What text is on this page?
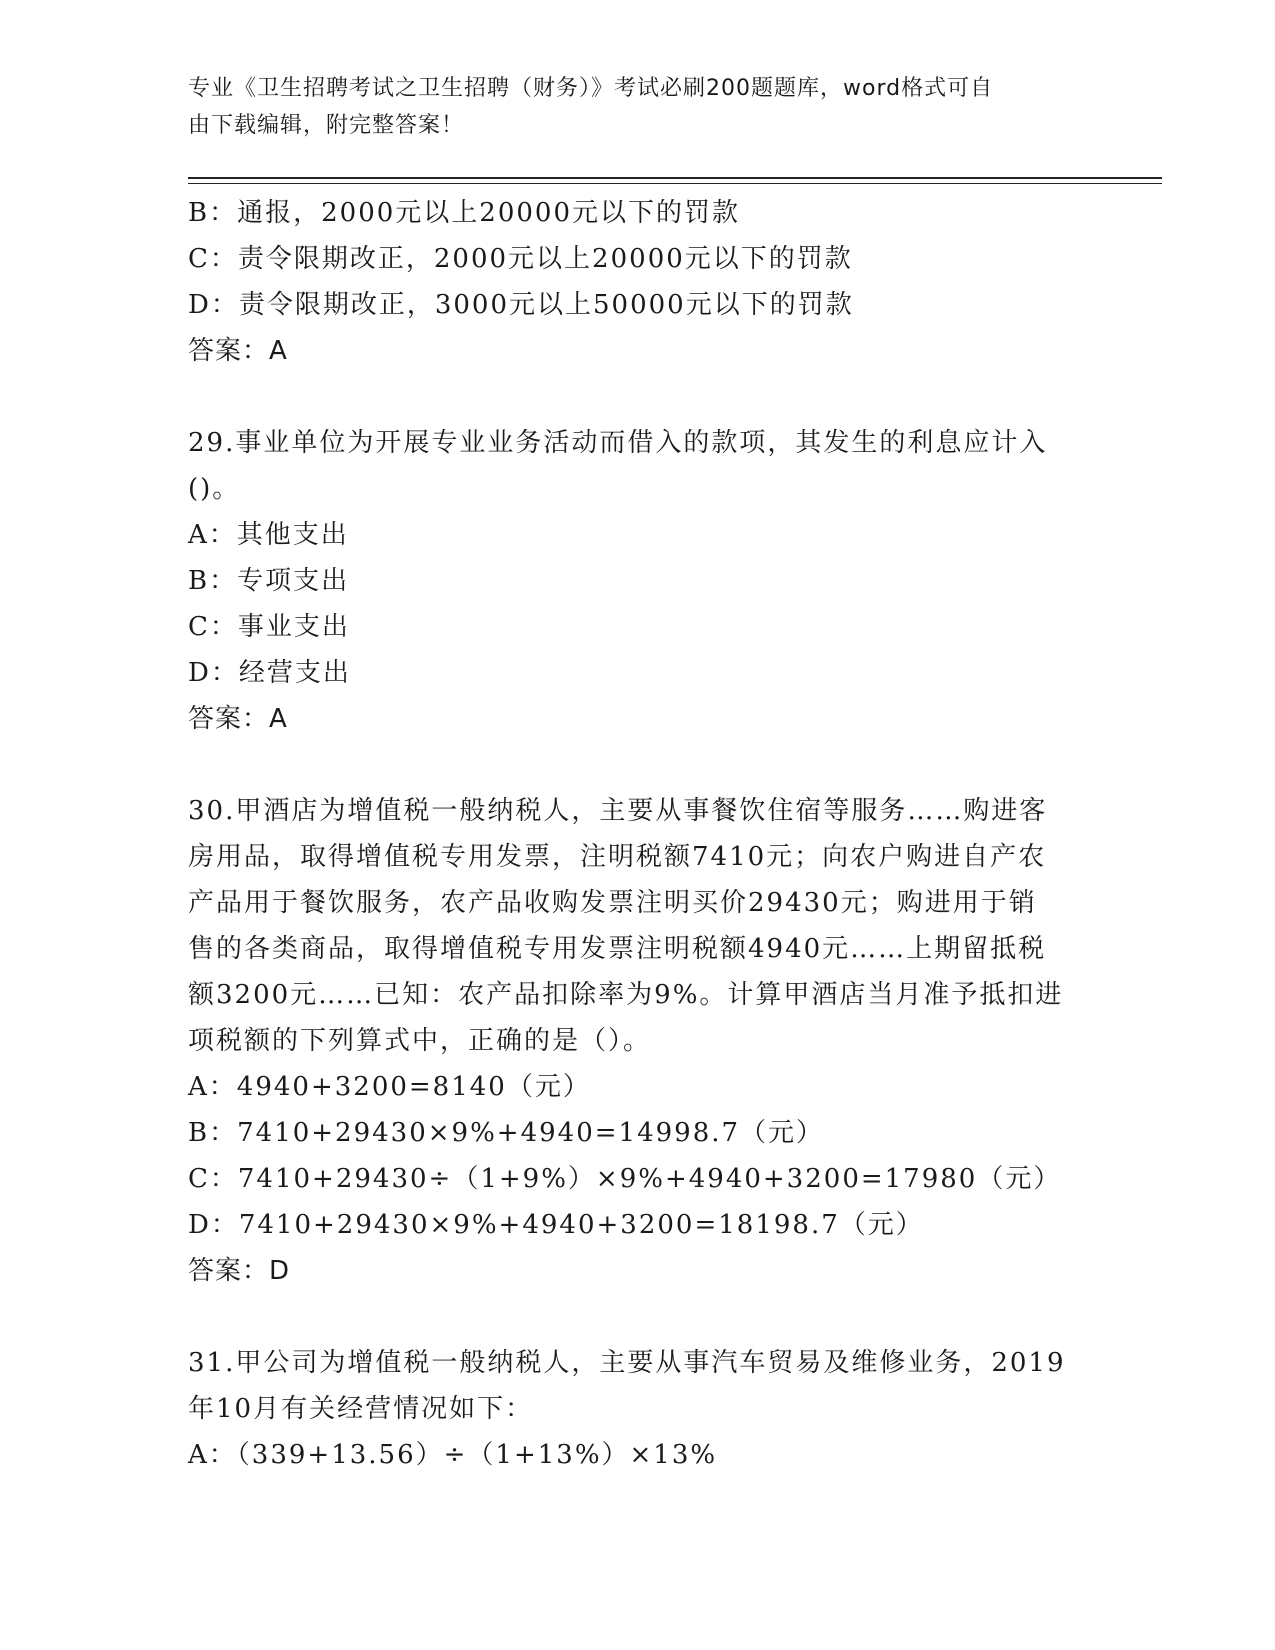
专业《卫生招聘考试之卫生招聘（财务）》考试必刷200题题库，word格式可自
由下载编辑，附完整答案！
B：通报，2000元以上20000元以下的罚款
C：责令限期改正，2000元以上20000元以下的罚款
D：责令限期改正，3000元以上50000元以下的罚款
答案：A
29.事业单位为开展专业业务活动而借入的款项，其发生的利息应计入
()。
A：其他支出
B：专项支出
C：事业支出
D：经营支出
答案：A
30.甲酒店为增值税一般纳税人，主要从事餐饮住宿等服务……购进客
房用品，取得增值税专用发票，注明税额7410元；向农户购进自产农
产品用于餐饮服务，农产品收购发票注明买价29430元；购进用于销
售的各类商品，取得增值税专用发票注明税额4940元……上期留抵税
额3200元……已知：农产品扣除率为9%。计算甲酒店当月准予抵扣进
项税额的下列算式中，正确的是（）。
A：4940+3200=8140（元）
B：7410+29430×9%+4940=14998.7（元）
C：7410+29430÷（1+9%）×9%+4940+3200=17980（元）
D：7410+29430×9%+4940+3200=18198.7（元）
答案：D
31.甲公司为增值税一般纳税人，主要从事汽车贸易及维修业务，2019
年10月有关经营情况如下：
A：（339+13.56）÷（1+13%）×13%
